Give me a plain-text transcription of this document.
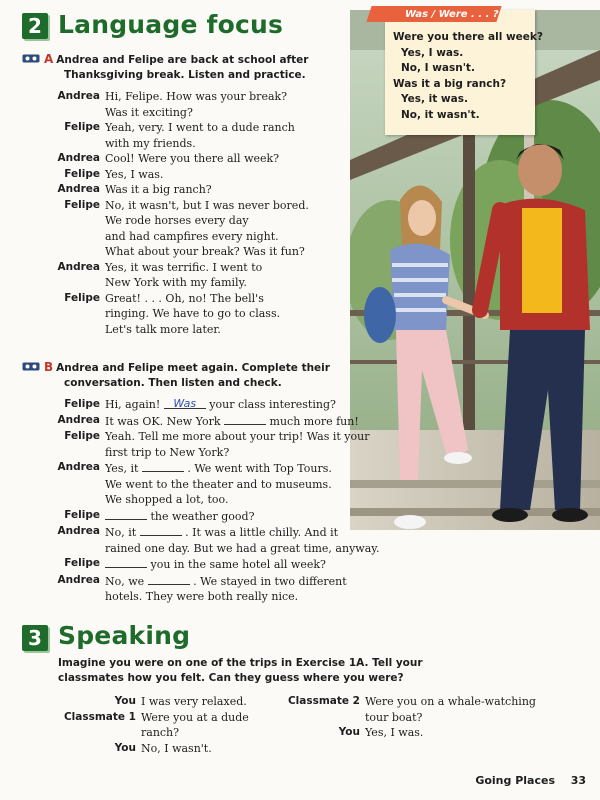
Was / Were . . . ?
Were you there all week?
Yes, I was.
No, I wasn't.
Was it a big ranch?
Yes, it was.
No, it wasn't.
2 Language focus
A Andrea and Felipe are back at school after
Thanksgiving break. Listen and practice.
Andrea Hi, Felipe. How was your break?
Was it exciting?
Felipe Yeah, very. I went to a dude ranch
with my friends.
Andrea Cool! Were you there all week?
Felipe Yes, I was.
Andrea Was it a big ranch?
Felipe No, it wasn't, but I was never bored.
We rode horses every day
and had campfires every night.
What about your break? Was it fun?
Andrea Yes, it was terrific. I went to
New York with my family.
Felipe Great! . . . Oh, no! The bell's
ringing. We have to go to class.
Let's talk more later.
B Andrea and Felipe meet again. Complete their
conversation. Then listen and check.
Felipe Hi, again! Was your class interesting?
Andrea It was OK. New York	much more fun!
Felipe Yeah. Tell me more about your trip! Was it your
first trip to New York?
Andrea Yes, it	. We went with Top Tours.
We went to the theater and to museums.
We shopped a lot, too.
Felipe	the weather good?
Andrea No, it	. It was a little chilly. And it
rained one day. But we had a great time, anyway.
Felipe	you in the same hotel all week?
Andrea No, we	. We stayed in two different
hotels. They were both really nice.
3 Speaking
Imagine you were on one of the trips in Exercise 1A. Tell your
classmates how you felt. Can they guess where you were?
You I was very relaxed.
Classmate 1 Were you at a dude
ranch?
You No, I wasn't.
Classmate 2 Were you on a whale-watching
tour boat?
You Yes, I was.
Going Places 33
